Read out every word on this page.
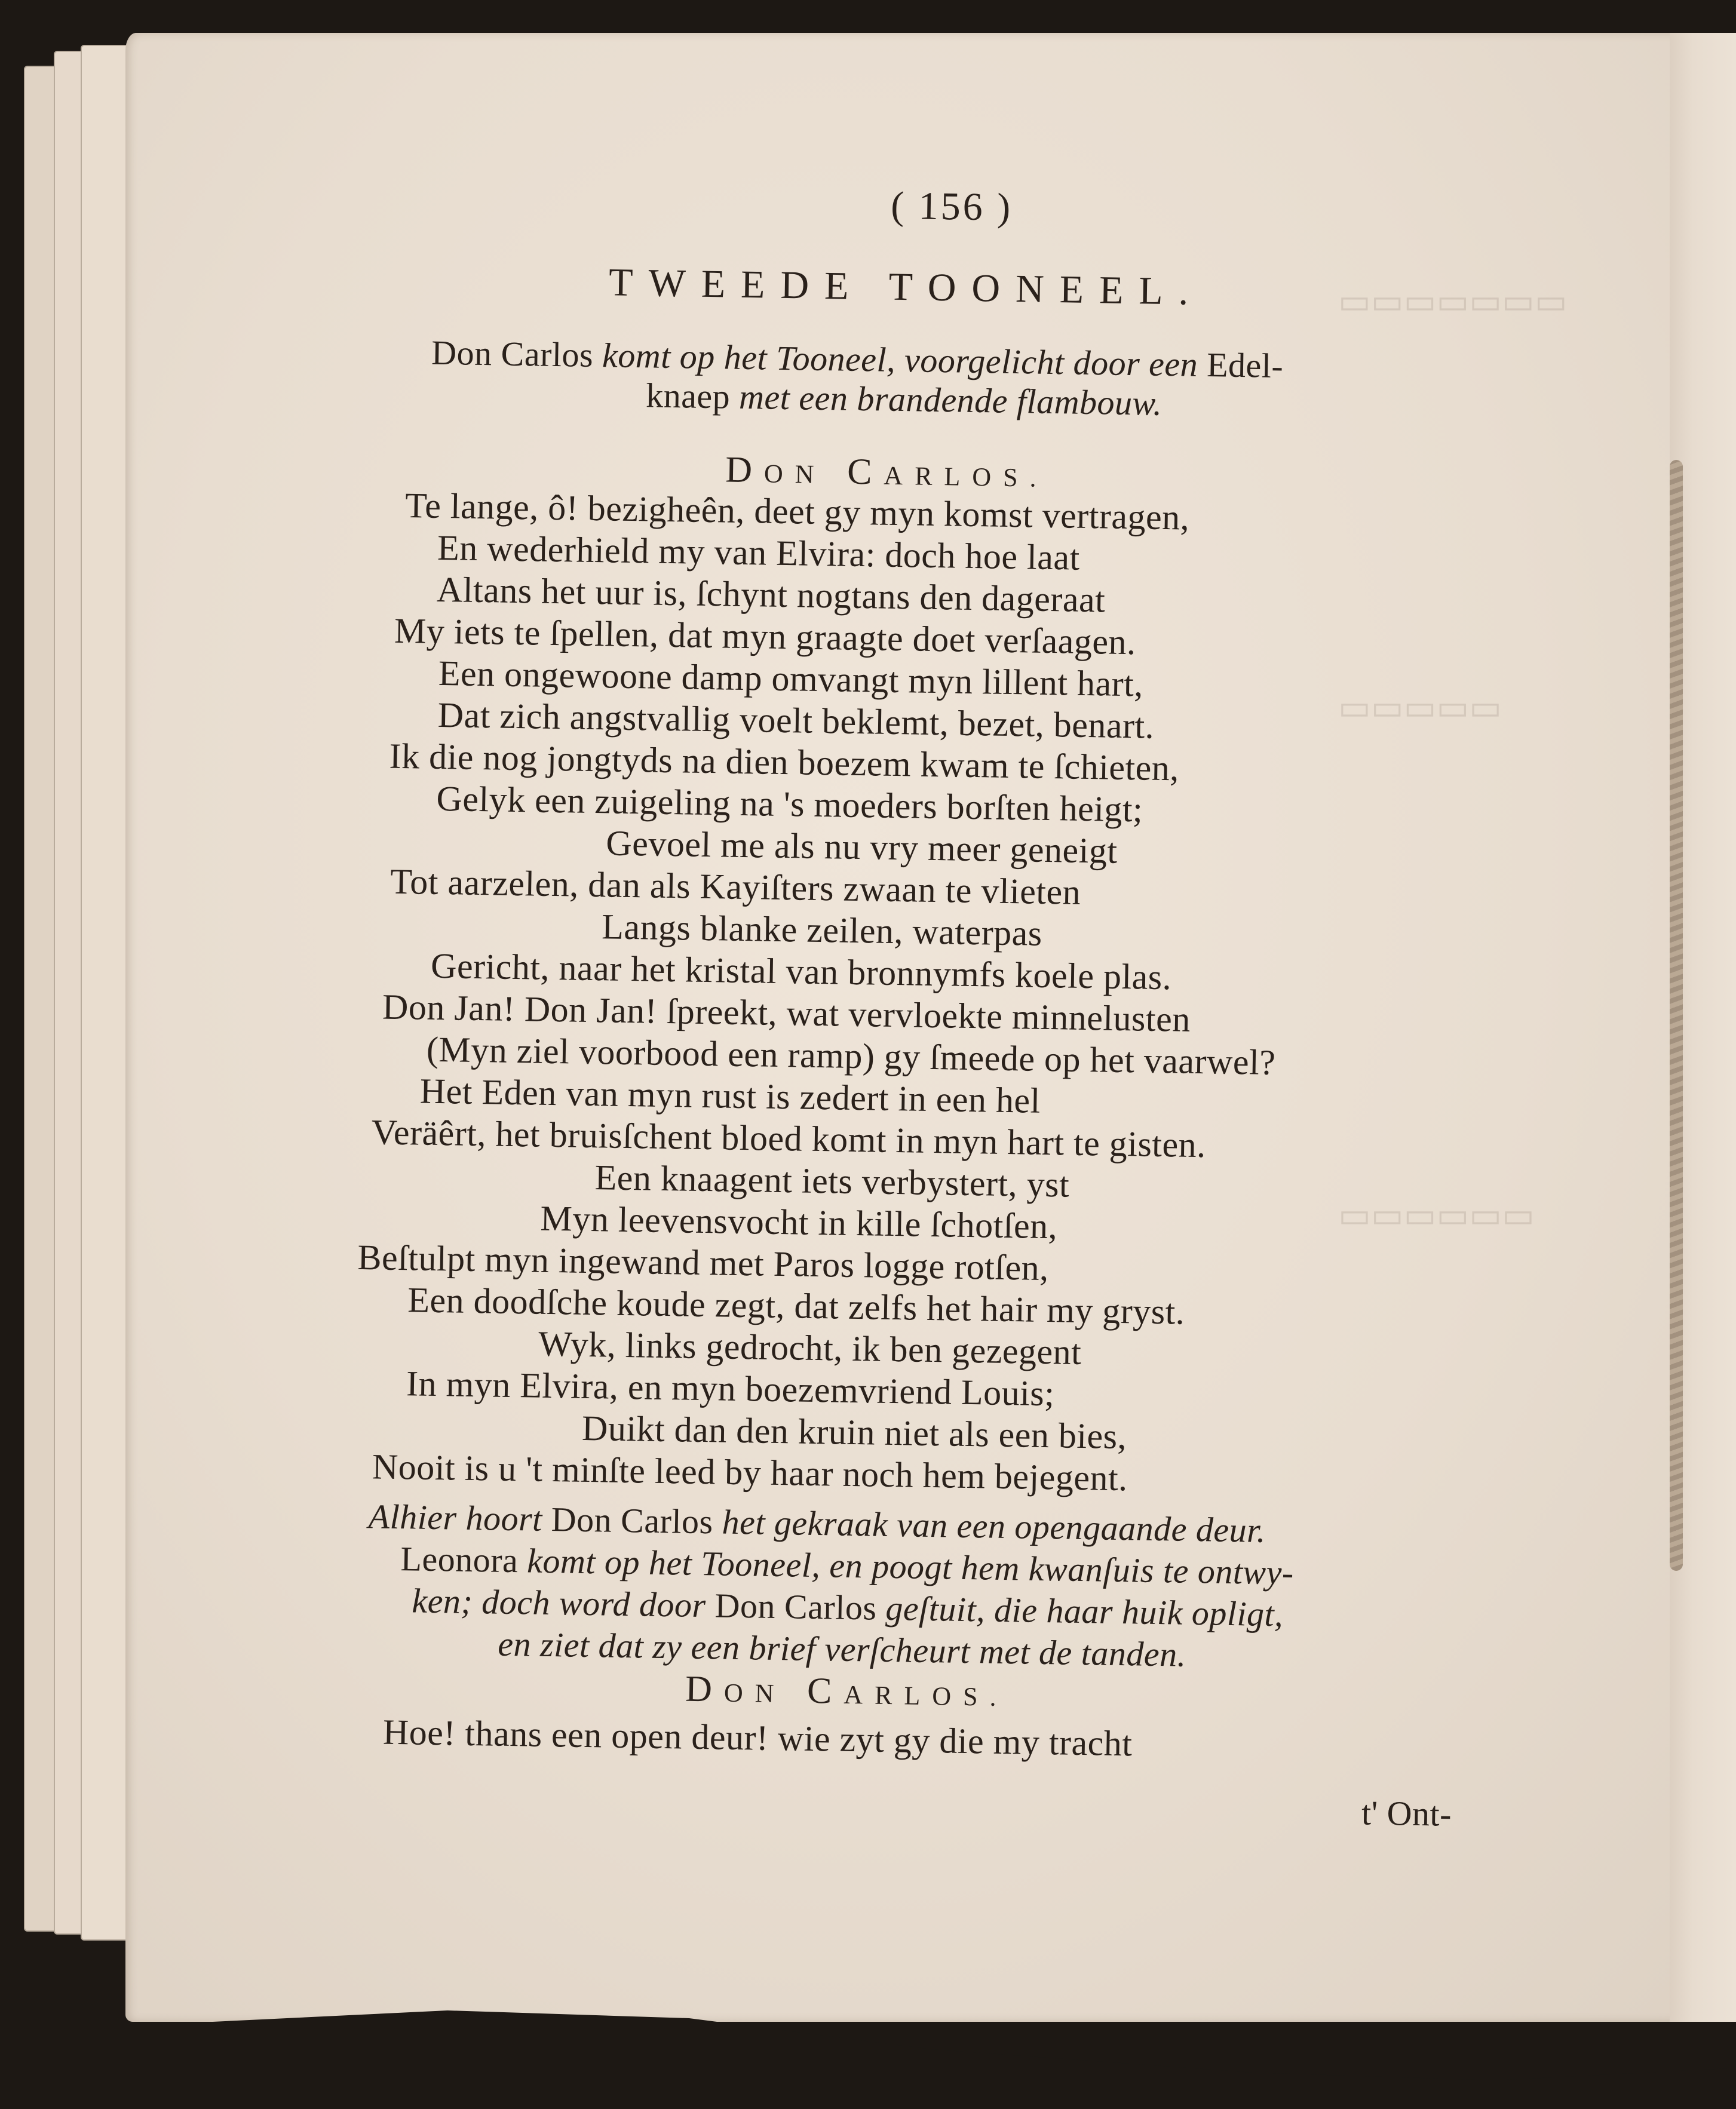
( 156 )
TWEEDE TOONEEL.
Don Carlos komt op het Tooneel, voorgelicht door een Edel-
knaep met een brandende flambouw.
DON CARLOS.
Te lange, ô! bezigheên, deet gy myn komst vertragen,
En wederhield my van Elvira: doch hoe laat
Altans het uur is, ſchynt nogtans den dageraat
My iets te ſpellen, dat myn graagte doet verſaagen.
Een ongewoone damp omvangt myn lillent hart,
Dat zich angstvallig voelt beklemt, bezet, benart.
Ik die nog jongtyds na dien boezem kwam te ſchieten,
Gelyk een zuigeling na 's moeders borſten heigt;
Gevoel me als nu vry meer geneigt
Tot aarzelen, dan als Kayiſters zwaan te vlieten
Langs blanke zeilen, waterpas
Gericht, naar het kristal van bronnymfs koele plas.
Don Jan! Don Jan! ſpreekt, wat vervloekte minnelusten
(Myn ziel voorbood een ramp) gy ſmeede op het vaarwel?
Het Eden van myn rust is zedert in een hel
Veräêrt, het bruisſchent bloed komt in myn hart te gisten.
Een knaagent iets verbystert, yst
Myn leevensvocht in kille ſchotſen,
Beſtulpt myn ingewand met Paros logge rotſen,
Een doodſche koude zegt, dat zelfs het hair my gryst.
Wyk, links gedrocht, ik ben gezegent
In myn Elvira, en myn boezemvriend Louis;
Duikt dan den kruin niet als een bies,
Nooit is u 't minſte leed by haar noch hem bejegent.
Alhier hoort Don Carlos het gekraak van een opengaande deur.
Leonora komt op het Tooneel, en poogt hem kwanſuis te ontwy-
ken; doch word door Don Carlos geſtuit, die haar huik opligt,
en ziet dat zy een brief verſcheurt met de tanden.
DON CARLOS.
Hoe! thans een open deur! wie zyt gy die my tracht
t' Ont-
